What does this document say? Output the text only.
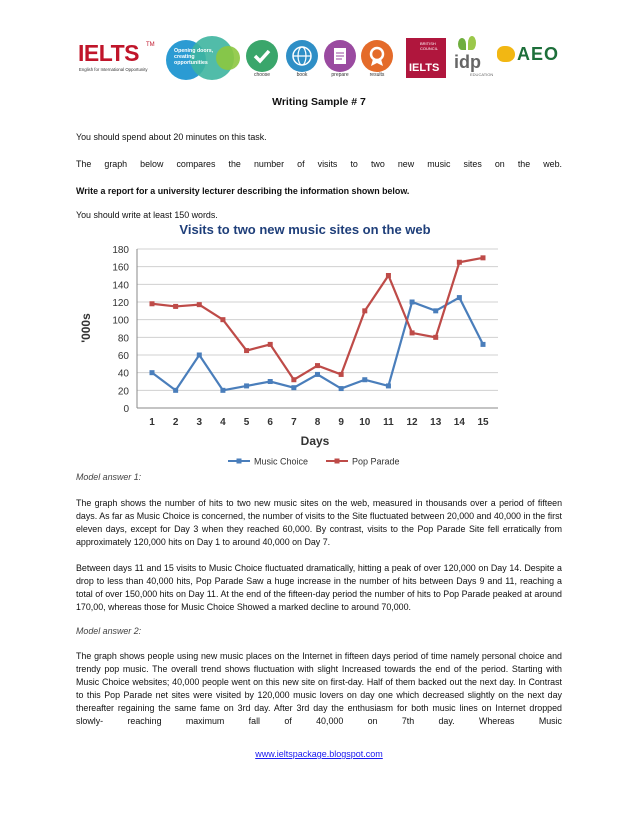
IELTS TM
English for International Opportunity
Opening doors, creating opportunities
choose	book	prepare	results
BRITISH COUNCIL
IELTS idp
EDUCATION
AEO
Writing Sample # 7

You should spend about 20 minutes on this task.

The graph below compares the number of visits to two new music sites on the web.

Write a report for a university lecturer describing the information shown below.

You should write at least 150 words.

Visits to two new music sites on the web
'000s
Days
0
20
40
60
80
100
120
140
160
180
1 2 3 4 5 6 7 8 9 10 11 12 13 14 15
Music Choice	Pop Parade

Model answer 1:

The graph shows the number of hits to two new music sites on the web, measured in thousands over a period of fifteen days. As far as Music Choice is concerned, the number of visits to the Site fluctuated between 20,000 and 40,000 in the first eleven days, except for Day 3 when they reached 60,000. By contrast, visits to the Pop Parade Site fell erratically from approximately 120,000 hits on Day 1 to around 40,000 on Day 7.

Between days 11 and 15 visits to Music Choice fluctuated dramatically, hitting a peak of over 120,000 on Day 14. Despite a drop to less than 40,000 hits, Pop Parade Saw a huge increase in the number of hits between Days 9 and 11, reaching a total of over 150,000 hits on Day 11. At the end of the fifteen-day period the number of hits to Pop Parade peaked at around 170,00, whereas those for Music Choice Showed a marked decline to around 70,000.

Model answer 2:

The graph shows people using new music places on the Internet in fifteen days period of time namely personal choice and trendy pop music. The overall trend shows fluctuation with slight Increased towards the end of the period. Starting with Music Choice websites; 40,000 people went on this new site on first-day. Half of them backed out the next day. In Contrast to this Pop Parade net sites were visited by 120,000 music lovers on day one which decreased slightly on the next day thereafter regaining the same fame on 3rd day. After 3rd day the enthusiasm for both music lines on Internet dropped slowly- reaching maximum fall of 40,000 on 7th day. Whereas Music

www.ieltspackage.blogspot.com
